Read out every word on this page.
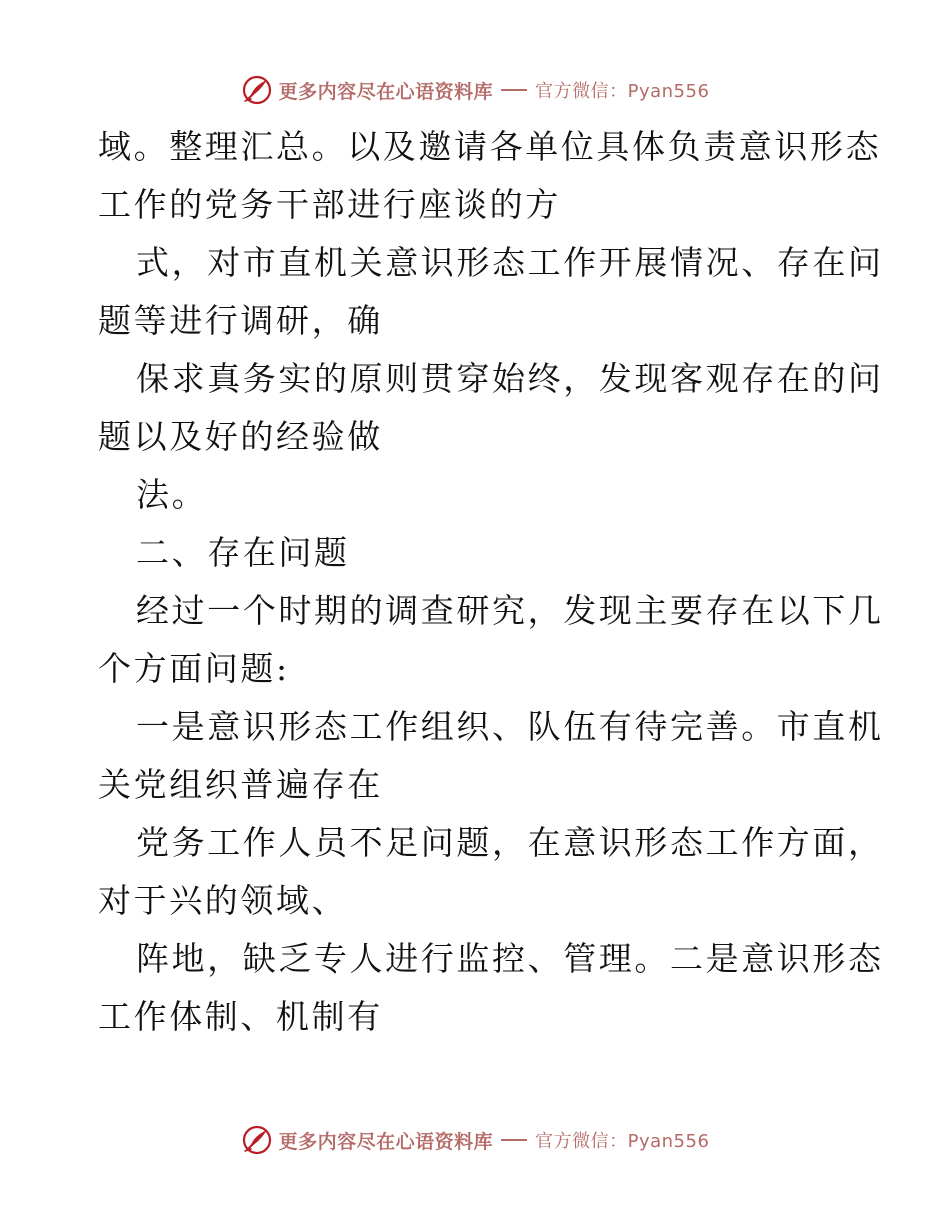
更多内容尽在心语资料库 官方微信：Pyan556
域。整理汇总。以及邀请各单位具体负责意识形态
工作的党务干部进行座谈的方
式，对市直机关意识形态工作开展情况、存在问
题等进行调研，确
保求真务实的原则贯穿始终，发现客观存在的问
题以及好的经验做
法。
二、存在问题
经过一个时期的调查研究，发现主要存在以下几
个方面问题:
一是意识形态工作组织、队伍有待完善。市直机
关党组织普遍存在
党务工作人员不足问题，在意识形态工作方面，
对于兴的领域、
阵地，缺乏专人进行监控、管理。二是意识形态
工作体制、机制有
更多内容尽在心语资料库 官方微信：Pyan556
